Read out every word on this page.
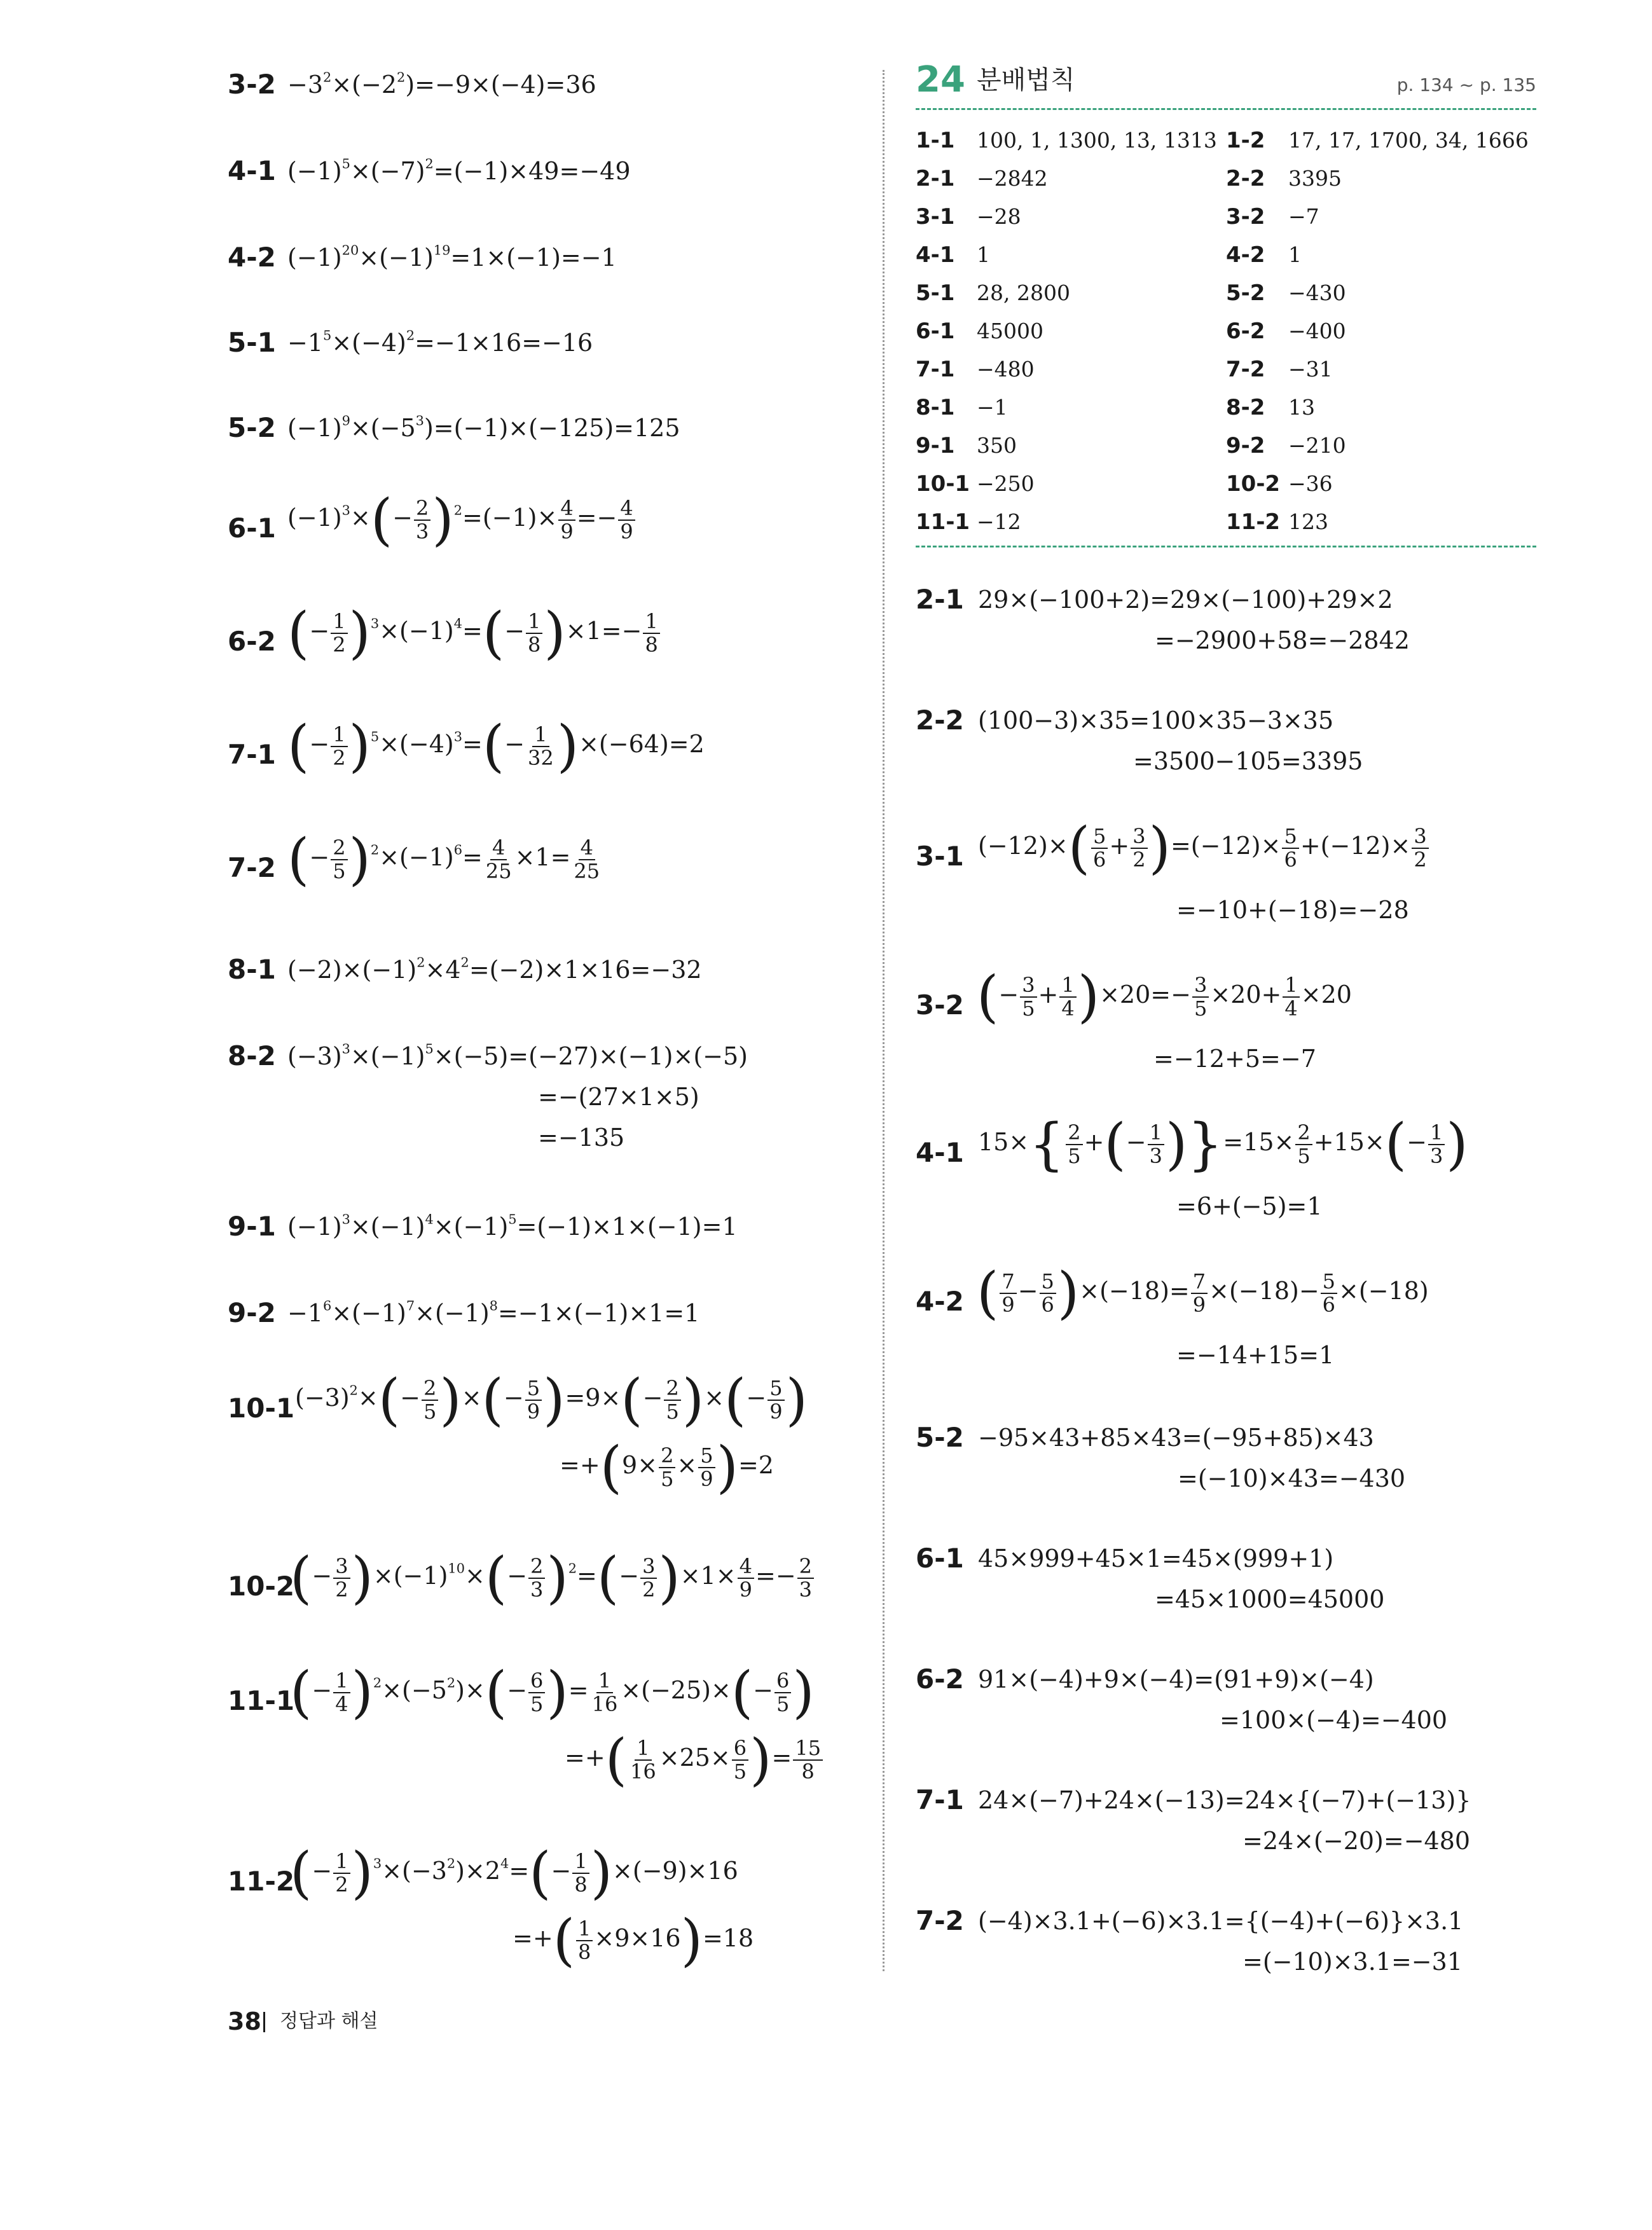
$3-2 -3^2\times(-2^2)=-9\times(-4)=36$
4-1 $(-1)^5\times(-7)^2=(-1)\times 49=-49$
4-2 $(-1)^{20}\times(-1)^{19}=1\times(-1)=-1$
$5-1 -1^5\times(-4)^2=-1\times 16=-16$
5-2 $(-1)^9\times(-5^3)=(-1)\times(-125)=125$
6-1 $(-1)^3\times(- \frac{2}{3} )^2=(-1)\times \frac{4}{9} =- \frac{4}{9}$
6-2 (− $\frac{1}{2} )^3\times(-1)^4=(- \frac{1}{8} )\times 1=- \frac{1}{8}$
7-1 (− $\frac{1}{2} )^5\times(-4)^3=(- \frac{1}{32} )\times(-64)=2$
7-2 (− $\frac{2}{5} )^2\times(-1)^6= \frac{4}{25} \times 1= \frac{4}{25}$
8-1 $(-2)\times(-1)^2\times 4^2=(-2)\times 1\times 16=-32$
8-2 $(-3)^3\times(-1)^5\times(-5)=(-27)\times(-1)\times(-5)$
=−(27×1×5)
=−135
9-1 $(-1)^3\times(-1)^4\times(-1)^5=(-1)\times 1\times(-1)=1$
$9-2 -1^6\times(-1)^7\times(-1)^8=-1\times(-1)\times 1=1$
10-1 $(-3)^2\times(- \frac{2}{5}$ )×(− $\frac{5}{9} )=9\times(- \frac{2}{5}$ )×(− $\frac{5}{9}$ )
$=+(9\times \frac{2}{5} \times \frac{5}{9} )=2$
10-2
(− $\frac{3}{2} )\times(-1)^{10}\times(- \frac{2}{3} )^2=(- \frac{3}{2} )\times 1\times \frac{4}{9} =- \frac{2}{3}$
11-1
(− $\frac{1}{4} )^2\times(-5^2)\times(- \frac{6}{5}$ )= $\frac{1}{16} \times(-25)\times(- \frac{6}{5}$ )
=+( $\frac{1}{16} \times 25\times \frac{6}{5}$ )= $\frac{15}{8}$
11-2
(− $\frac{1}{2} )^3\times(-3^2)\times 2^4=(- \frac{1}{8} )\times(-9)\times 16$
=+( $\frac{1}{8} \times 9\times 16)=18$
24 분배법칙	p. 134 ~ p. 135
1-1 100, 1, 1300, 13, 1313 1-2 17, 17, 1700, 34, 1666
2-1 −2842	2-2 3395
3-1 −28	3-2 −7
4-1 1	4-2 1
5-1 28, 2800	5-2 −430
6-1 45000	6-2 −400
7-1 −480	7-2 −31
8-1 −1	8-2 13
9-1 350	9-2 −210
10-1 −250	10-2 −36
11-1 −12	11-2 123
2-1 29×(−100+2)=29×(−100)+29×2
=−2900+58=−2842
2-2 (100−3)×35=100×35−3×35
=3500−105=3395
3-1 $(-12)\times( \frac{5}{6} + \frac{3}{2} )=(-12)\times \frac{5}{6} +(-12)\times \frac{3}{2}$
=−10+(−18)=−28
3-2 (− $\frac{3}{5} + \frac{1}{4} )\times 20=- \frac{3}{5} \times 20+ \frac{1}{4} \times 20$
=−12+5=−7
4-1 $15\times\{ \frac{2}{5}$ +(− $\frac{1}{3} )\}=15\times \frac{2}{5} +15\times(- \frac{1}{3}$ )
=6+(−5)=1
4-2 ( $\frac{7}{9} - \frac{5}{6} )\times(-18)= \frac{7}{9} \times(-18)- \frac{5}{6} \times(-18)$
=−14+15=1
5-2 −95×43+85×43=(−95+85)×43
=(−10)×43=−430
6-1 45×999+45×1=45×(999+1)
=45×1000=45000
6-2 91×(−4)+9×(−4)=(91+9)×(−4)
=100×(−4)=−400
7-1 24×(−7)+24×(−13)=24×{(−7)+(−13)}
=24×(−20)=−480
7-2 (−4)×3.1+(−6)×3.1={(−4)+(−6)}×3.1
=(−10)×3.1=−31
38 정답과 해설
